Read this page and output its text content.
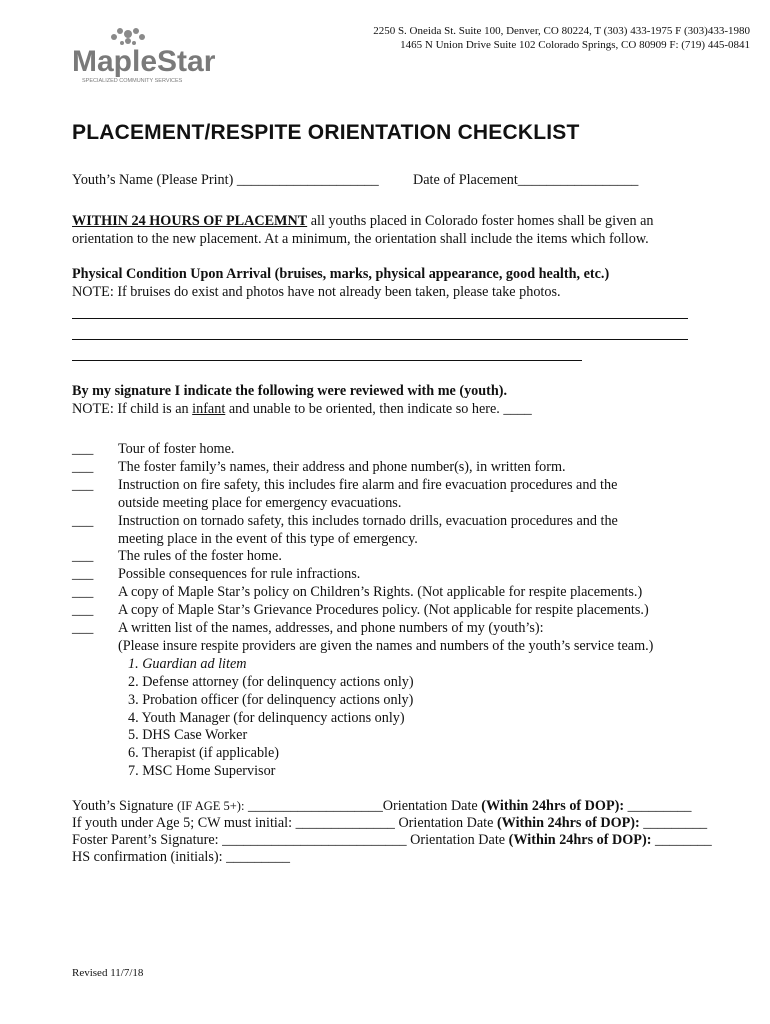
2250 S. Oneida St. Suite 100, Denver, CO 80224, T (303) 433-1975 F (303)433-1980
1465 N Union Drive Suite 102 Colorado Springs, CO 80909 F: (719) 445-0841
MapleStar
SPECIALIZED COMMUNITY SERVICES
PLACEMENT/RESPITE ORIENTATION CHECKLIST
Youth’s Name (Please Print) ____________________ Date of Placement_________________
WITHIN 24 HOURS OF PLACEMNT all youths placed in Colorado foster homes shall be given an
orientation to the new placement. At a minimum, the orientation shall include the items which follow.
Physical Condition Upon Arrival (bruises, marks, physical appearance, good health, etc.)
NOTE: If bruises do exist and photos have not already been taken, please take photos.
By my signature I indicate the following were reviewed with me (youth).
NOTE: If child is an infant and unable to be oriented, then indicate so here. ____
___
___
___
___
___
___
___
___
___
Tour of foster home.
The foster family’s names, their address and phone number(s), in written form.
Instruction on fire safety, this includes fire alarm and fire evacuation procedures and the
outside meeting place for emergency evacuations.
Instruction on tornado safety, this includes tornado drills, evacuation procedures and the
meeting place in the event of this type of emergency.
The rules of the foster home.
Possible consequences for rule infractions.
A copy of Maple Star’s policy on Children’s Rights. (Not applicable for respite placements.)
A copy of Maple Star’s Grievance Procedures policy. (Not applicable for respite placements.)
A written list of the names, addresses, and phone numbers of my (youth’s):
(Please insure respite providers are given the names and numbers of the youth’s service team.)
1. Guardian ad litem
2. Defense attorney (for delinquency actions only)
3. Probation officer (for delinquency actions only)
4. Youth Manager (for delinquency actions only)
5. DHS Case Worker
6. Therapist (if applicable)
7. MSC Home Supervisor
Youth’s Signature (IF AGE 5+): ___________________Orientation Date (Within 24hrs of DOP): _________
If youth under Age 5; CW must initial: ______________ Orientation Date (Within 24hrs of DOP): _________
Foster Parent’s Signature: __________________________ Orientation Date (Within 24hrs of DOP): ________
HS confirmation (initials): _________
Revised 11/7/18
